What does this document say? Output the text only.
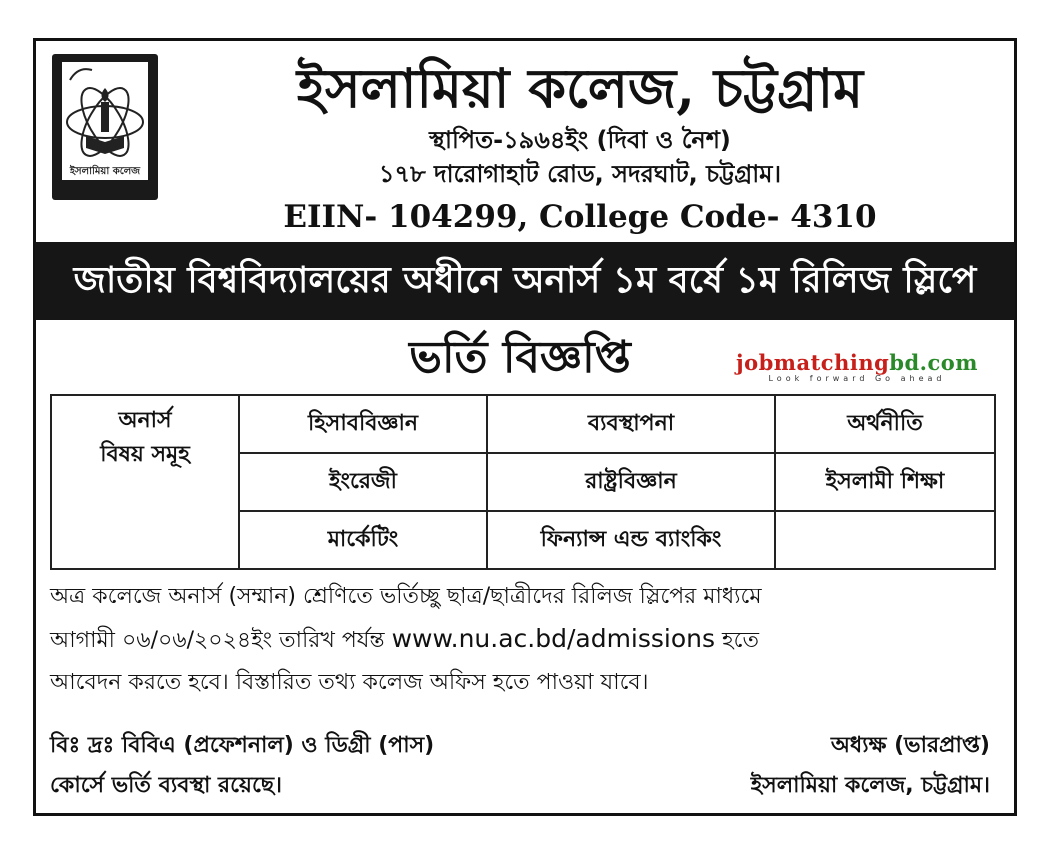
ইসলামিয়া কলেজ
ইসলামিয়া কলেজ, চট্টগ্রাম
স্থাপিত-১৯৬৪ইং (দিবা ও নৈশ)
১৭৮ দারোগাহাট রোড, সদরঘাট, চট্টগ্রাম।
EIIN- 104299, College Code- 4310
জাতীয় বিশ্ববিদ্যালয়ের অধীনে অনার্স ১ম বর্ষে ১ম রিলিজ স্লিপে
ভর্তি বিজ্ঞপ্তি	jobmatchingbd.com
Look forward Go ahead
অনার্স
বিষয় সমূহ	হিসাববিজ্ঞান	ব্যবস্থাপনা	অর্থনীতি
	ইংরেজী	রাষ্ট্রবিজ্ঞান	ইসলামী শিক্ষা
	মার্কেটিং	ফিন্যান্স এন্ড ব্যাংকিং	
অত্র কলেজে অনার্স (সম্মান) শ্রেণিতে ভর্তিচ্ছু ছাত্র/ছাত্রীদের রিলিজ স্লিপের মাধ্যমে
আগামী ০৬/০৬/২০২৪ইং তারিখ পর্যন্ত www.nu.ac.bd/admissions হতে
আবেদন করতে হবে। বিস্তারিত তথ্য কলেজ অফিস হতে পাওয়া যাবে।
বিঃ দ্রঃ বিবিএ (প্রফেশনাল) ও ডিগ্রী (পাস)
কোর্সে ভর্তি ব্যবস্থা রয়েছে।
অধ্যক্ষ (ভারপ্রাপ্ত)
ইসলামিয়া কলেজ, চট্টগ্রাম।
